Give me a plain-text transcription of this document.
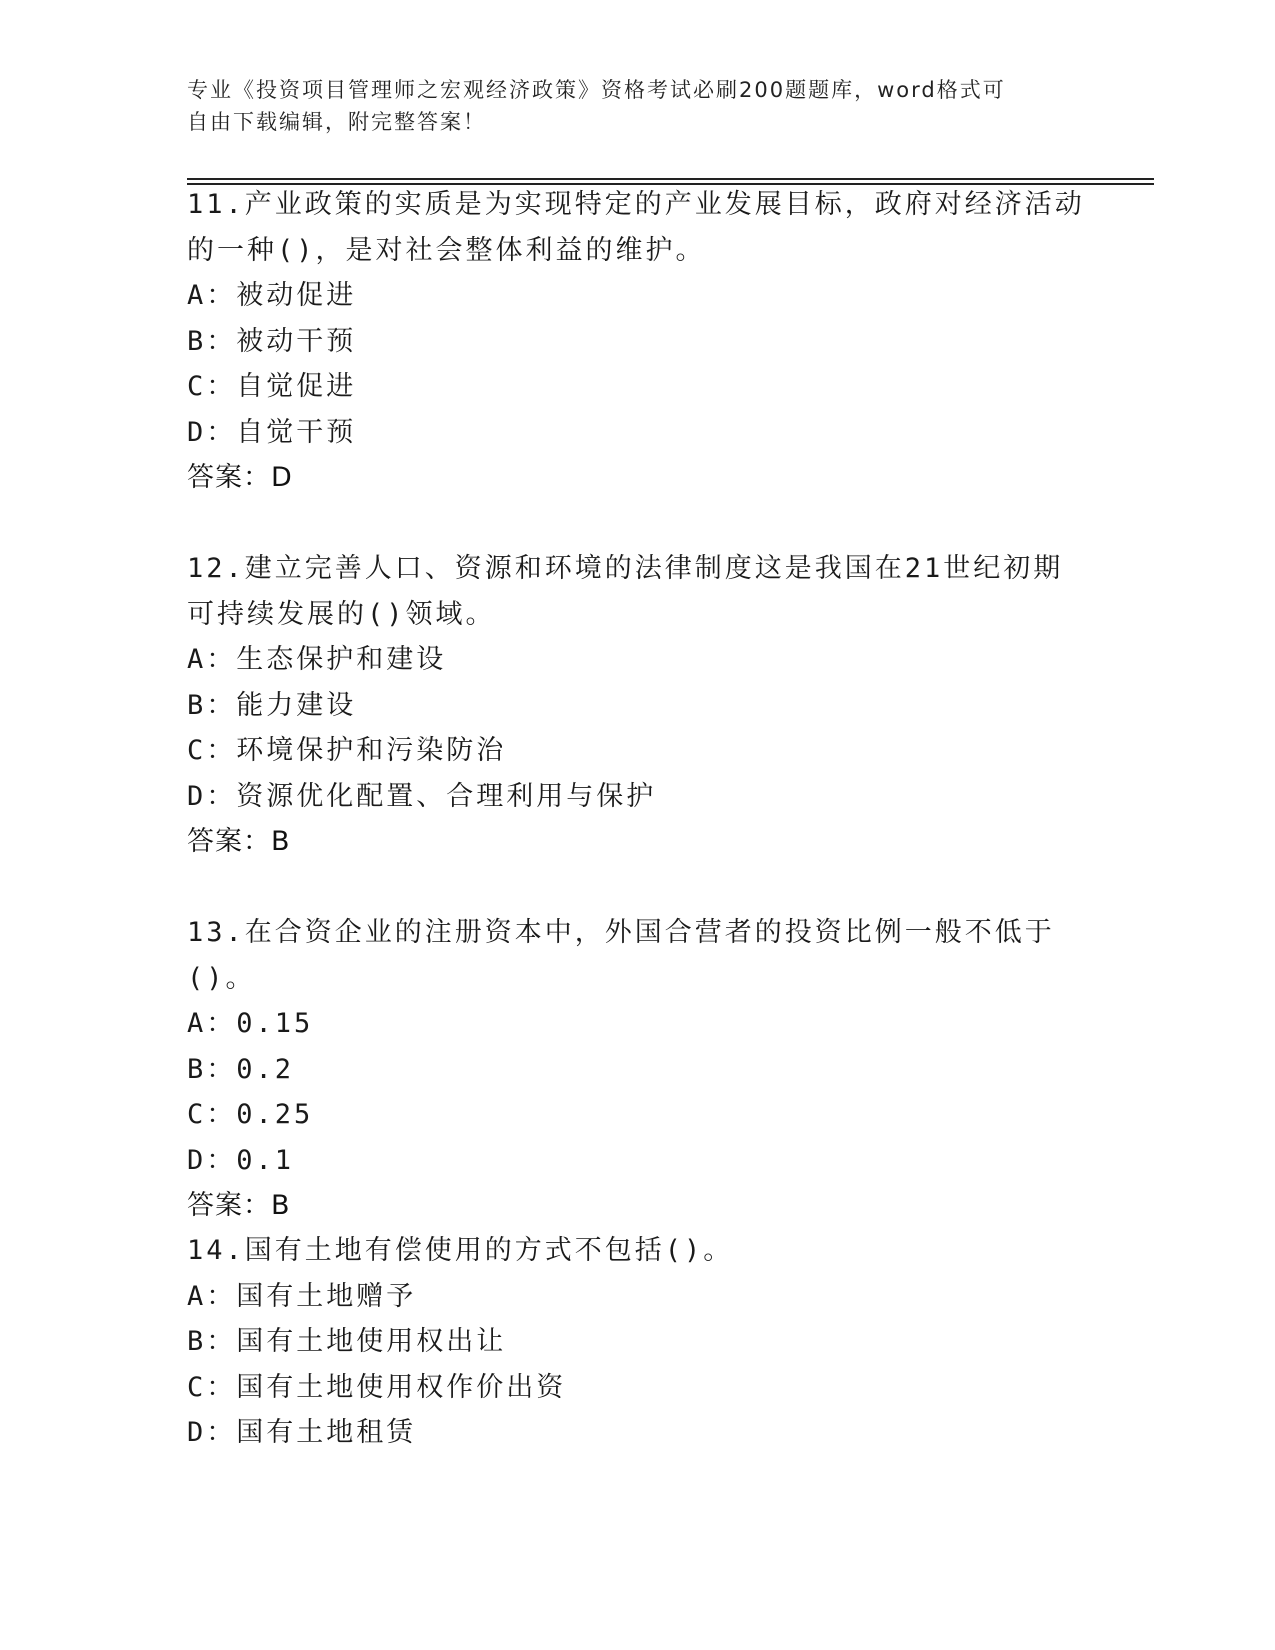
专业《投资项目管理师之宏观经济政策》资格考试必刷200题题库，word格式可
自由下载编辑，附完整答案！

11.产业政策的实质是为实现特定的产业发展目标，政府对经济活动的一种()，是对社会整体利益的维护。

A：被动促进

B：被动干预

C：自觉促进

D：自觉干预

答案：D

12.建立完善人口、资源和环境的法律制度这是我国在21世纪初期可持续发展的()领域。

A：生态保护和建设

B：能力建设

C：环境保护和污染防治

D：资源优化配置、合理利用与保护

答案：B

13.在合资企业的注册资本中，外国合营者的投资比例一般不低于()。

A：0.15

B：0.2

C：0.25

D：0.1

答案：B

14.国有土地有偿使用的方式不包括()。

A：国有土地赠予

B：国有土地使用权出让

C：国有土地使用权作价出资

D：国有土地租赁
